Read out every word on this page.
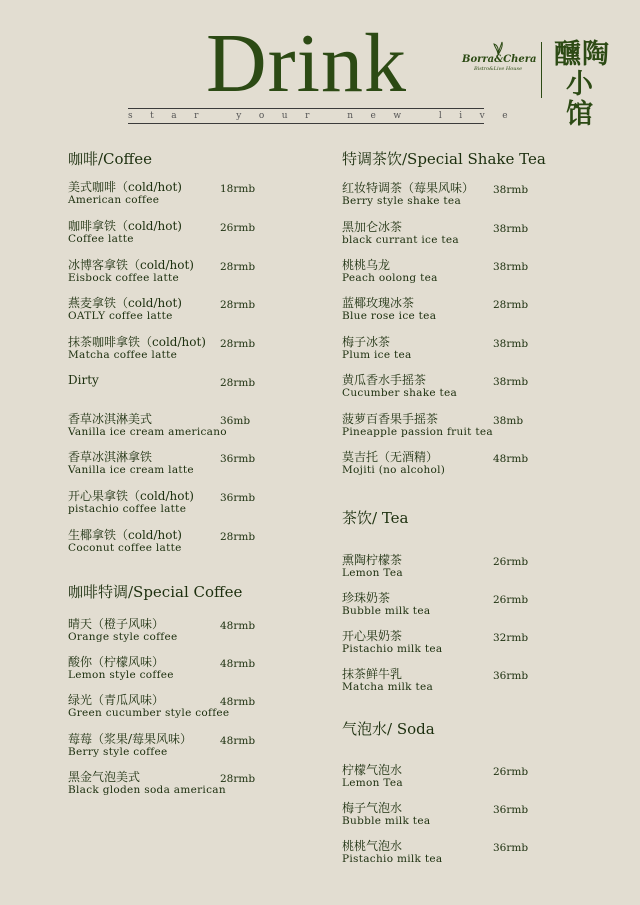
Drink
star your new live
Borra&Chera
Bistro&Live House	醺陶
小馆
咖啡/Coffee
美式咖啡（cold/hot)
American coffee
18rmb
咖啡拿铁（cold/hot)
Coffee latte
26rmb
冰博客拿铁（cold/hot)
Eisbock coffee latte
28rmb
燕麦拿铁（cold/hot)
OATLY coffee latte
28rmb
抹茶咖啡拿铁（cold/hot)
Matcha coffee latte
28rmb
Dirty	28rmb
香草冰淇淋美式
Vanilla ice cream americano
36mb
香草冰淇淋拿铁
Vanilla ice cream latte
36rmb
开心果拿铁（cold/hot)
pistachio coffee latte
36rmb
生椰拿铁（cold/hot)
Coconut coffee latte
28rmb
咖啡特调/Special Coffee
晴天（橙子风味）
Orange style coffee
48rmb
酸你（柠檬风味）
Lemon style coffee
48rmb
绿光（青瓜风味）
Green cucumber style coffee
48rmb
莓莓（浆果/莓果风味）
Berry style coffee
48rmb
黑金气泡美式
Black gloden soda american
28rmb
特调茶饮/Special Shake Tea
红妆特调茶（莓果风味）
Berry style shake tea
38rmb
黑加仑冰茶
black currant ice tea
38rmb
桃桃乌龙
Peach oolong tea
38rmb
蓝椰玫瑰冰茶
Blue rose ice tea
28rmb
梅子冰茶
Plum ice tea
38rmb
黄瓜香水手摇茶
Cucumber shake tea
38rmb
菠萝百香果手摇茶
Pineapple passion fruit tea
38mb
莫吉托（无酒精）
Mojiti (no alcohol)
48rmb
茶饮/ Tea
熏陶柠檬茶
Lemon Tea
26rmb
珍珠奶茶
Bubble milk tea
26rmb
开心果奶茶
Pistachio milk tea
32rmb
抹茶鲜牛乳
Matcha milk tea
36rmb
气泡水/ Soda
柠檬气泡水
Lemon Tea
26rmb
梅子气泡水
Bubble milk tea
36rmb
桃桃气泡水
Pistachio milk tea
36rmb
